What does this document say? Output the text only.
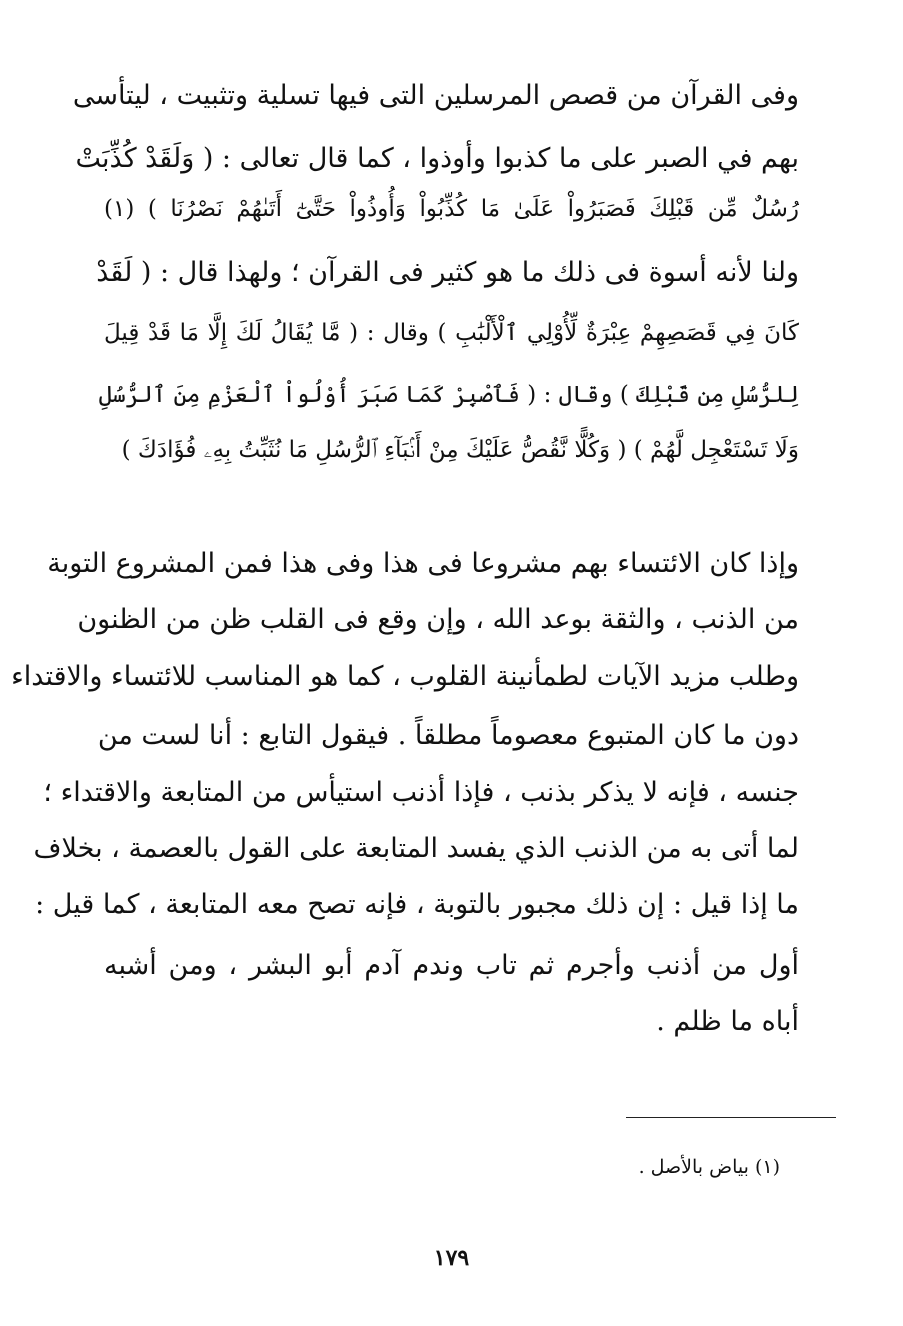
وفى القرآن من قصص المرسلين التى فيها تسلية وتثبيت ، ليتأسى
بهم في الصبر على ما كذبوا وأوذوا ، كما قال تعالى : ( وَلَقَدْ كُذِّبَتْ
رُسُلٌ مِّن قَبْلِكَ فَصَبَرُواْ عَلَىٰ مَا كُذِّبُواْ وَأُوذُواْ حَتَّىٰٓ أَتَىٰهُمْ نَصْرُنَا ) (١)
ولنا لأنه أسوة فى ذلك ما هو كثير فى القرآن ؛ ولهذا قال : ( لَقَدْ
كَانَ فِي قَصَصِهِمْ عِبْرَةٌ لِّأُوْلِي ٱلْأَلْبَٰبِ ) وقال : ( مَّا يُقَالُ لَكَ إِلَّا مَا قَدْ قِيلَ
لِلرُّسُلِ مِن قَبْلِكَ ) وقال : ( فَٱصْبِرْ كَمَا صَبَرَ أُوْلُواْ ٱلْعَزْمِ مِنَ ٱلرُّسُلِ
وَلَا تَسْتَعْجِل لَّهُمْ ) ( وَكُلًّا نَّقُصُّ عَلَيْكَ مِنْ أَنۢبَآءِ ٱلرُّسُلِ مَا نُثَبِّتُ بِهِۦ فُؤَادَكَ )
وإذا كان الائتساء بهم مشروعا فى هذا وفى هذا فمن المشروع التوبة
من الذنب ، والثقة بوعد الله ، وإن وقع فى القلب ظن من الظنون
وطلب مزيد الآيات لطمأنينة القلوب ، كما هو المناسب للائتساء والاقتداء
دون ما كان المتبوع معصوماً مطلقاً . فيقول التابع : أنا لست من
جنسه ، فإنه لا يذكر بذنب ، فإذا أذنب استيأس من المتابعة والاقتداء ؛
لما أتى به من الذنب الذي يفسد المتابعة على القول بالعصمة ، بخلاف
ما إذا قيل : إن ذلك مجبور بالتوبة ، فإنه تصح معه المتابعة ، كما قيل :
أول من أذنب وأجرم ثم تاب وندم آدم أبو البشر ، ومن أشبه
أباه ما ظلم .
(١) بياض بالأصل .
١٧٩
